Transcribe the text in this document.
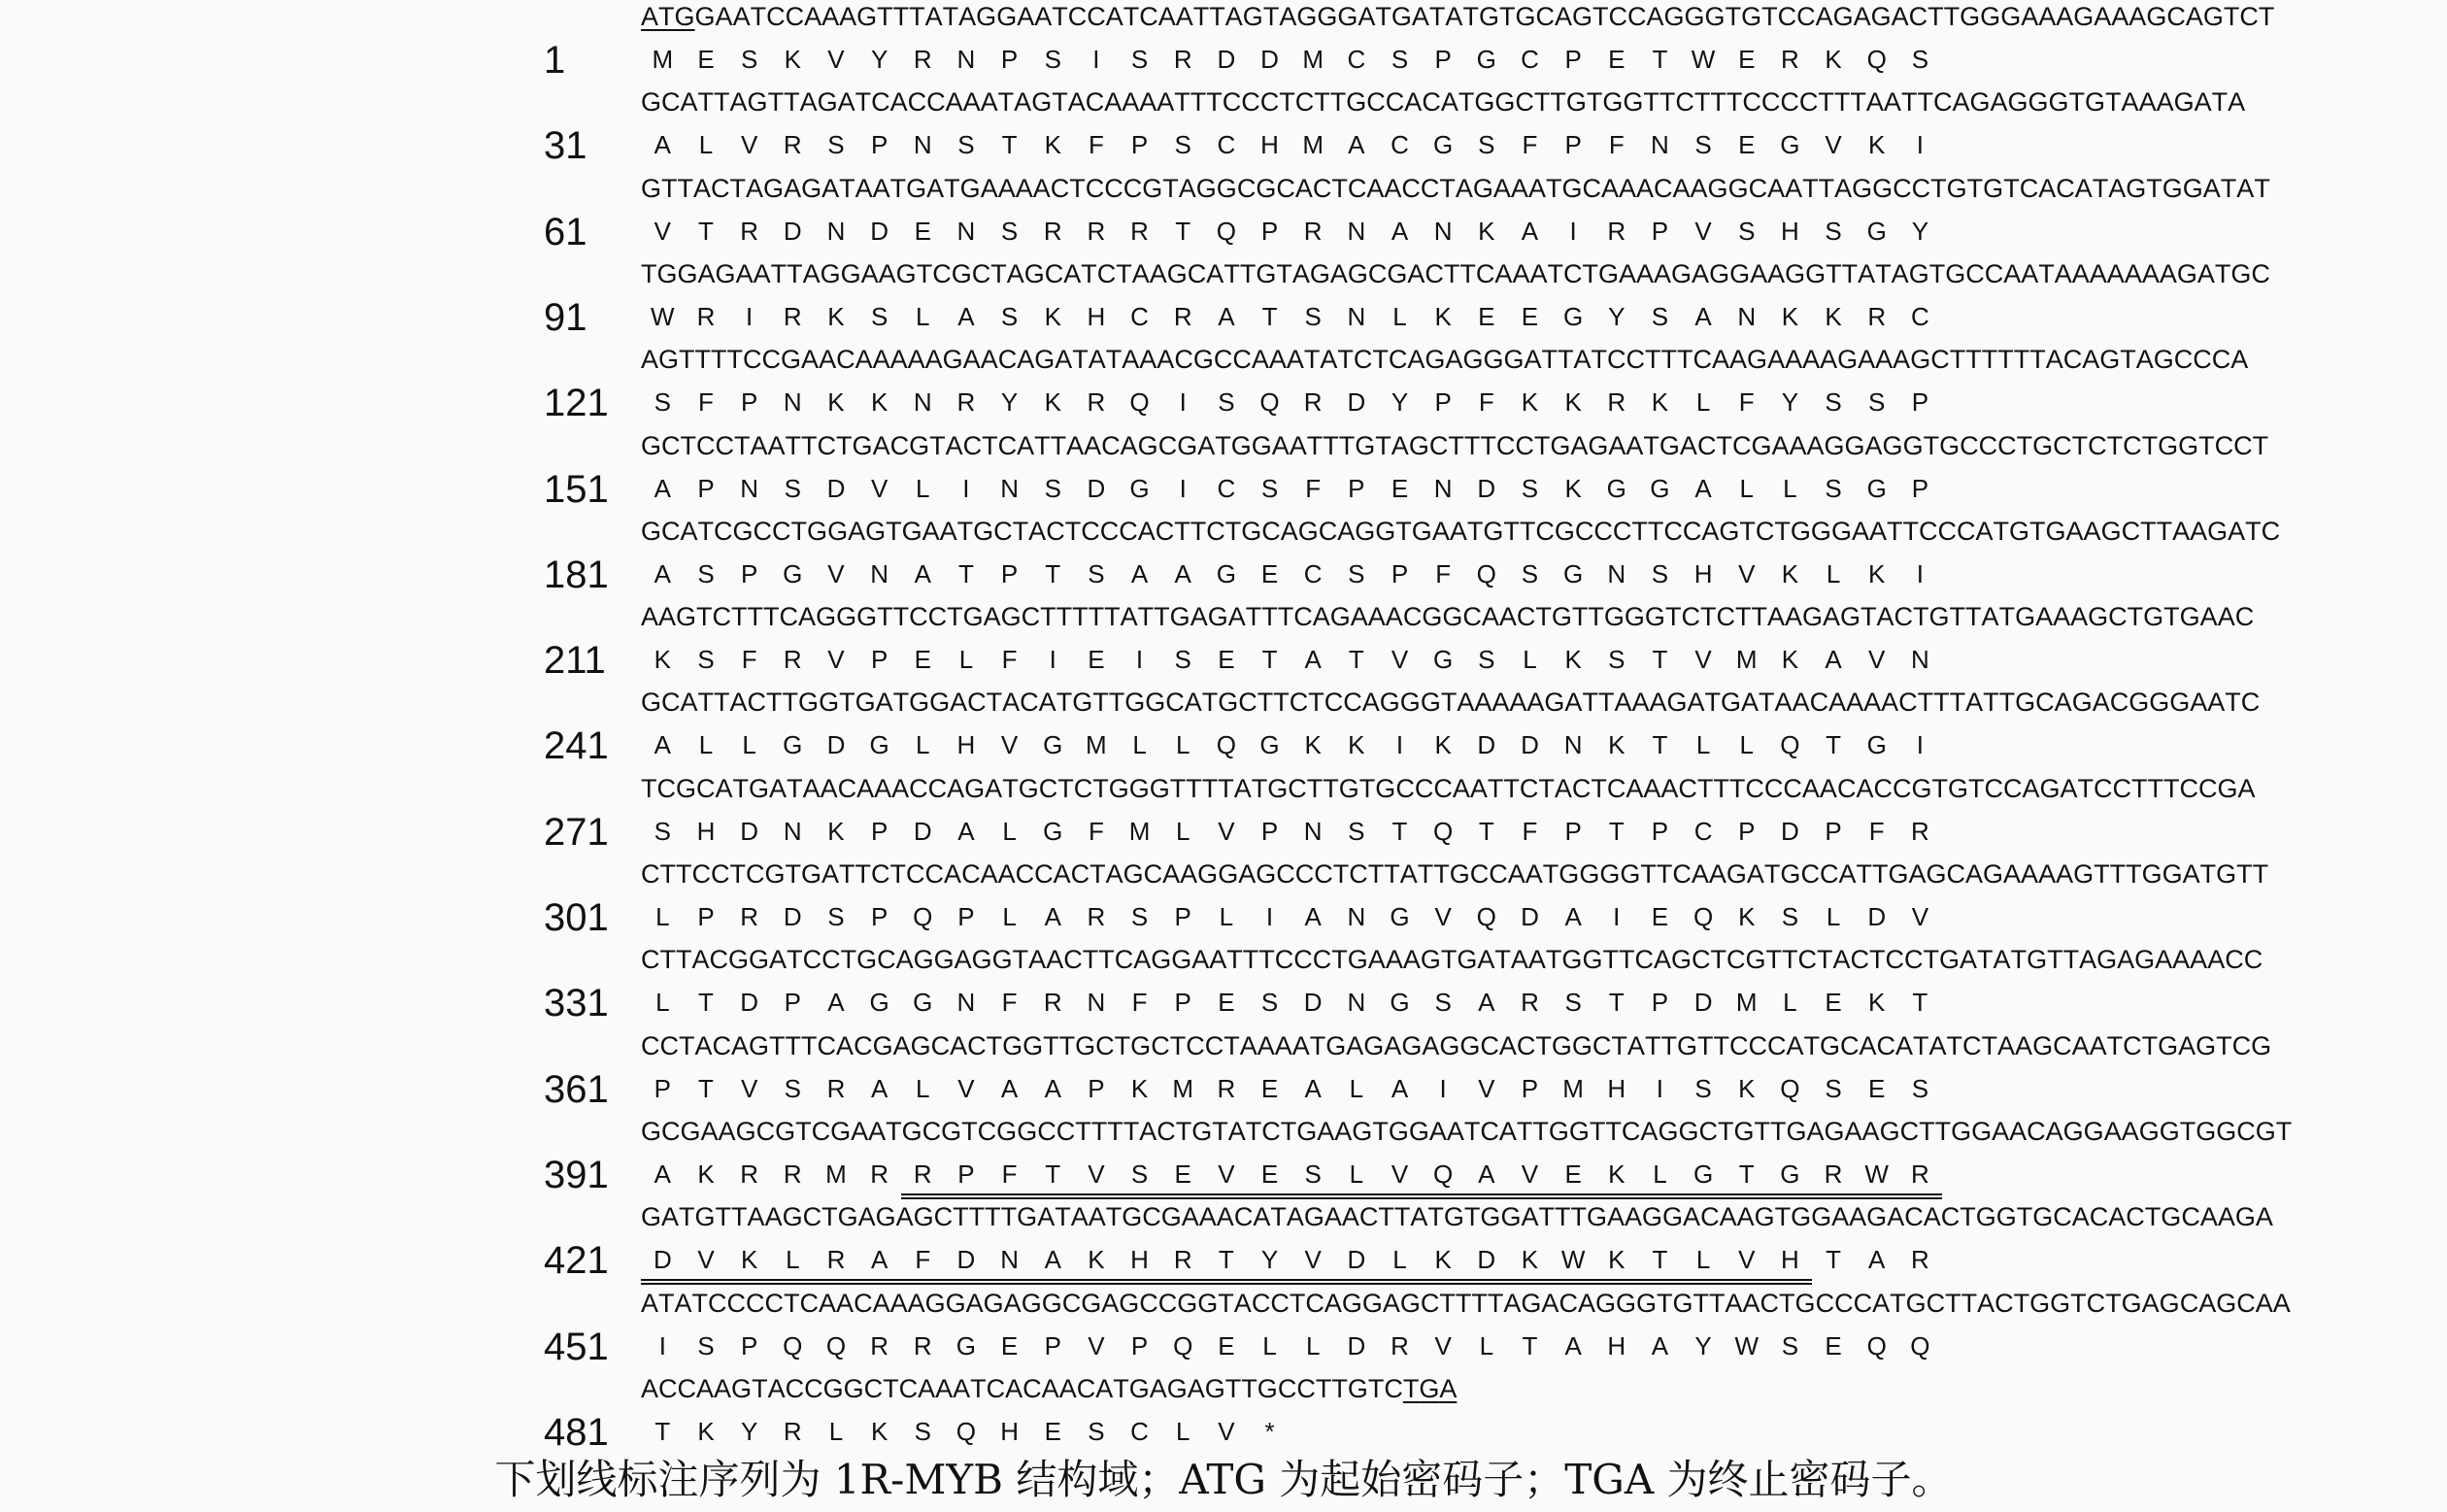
A T G G A A T C C A A A G T T T A T A G G A A T C C A T C A A T T A G T A G G G A T G A T A T G T G C A G T C C A G G G T G T C C A G A G A C T T G G G A A A G A A A G C A G T C T
1	M E	S	K	V	Y	R N	P	S	I	S	R D D M C	S	P G C	P	E	T W E	R	K Q S
G C A T T A G T T A G A T C A C C A A A T A G T A C A A A A T T T C C C T C T T G C C A C A T G G C T T G T G G T T C T T T C C C C T T T A A T T C A G A G G G T G T A A A G A T A
31	A	L	V	R	S	P	N	S	T	K	F	P	S	C H M A	C G S	F	P	F	N	S	E G V	K	I
G T T A C T A G A G A T A A T G A T G A A A A C T C C C G T A G G C G C A C T C A A C C T A G A A A T G C A A A C A A G G C A A T T A G G C C T G T G T C A C A T A G T G G A T A T
61	V	T	R D N D	E	N	S	R R R	T	Q P	R N	A	N	K	A	I	R	P	V	S	H	S G Y
T G G A G A A T T A G G A A G T C G C T A G C A T C T A A G C A T T G T A G A G C G A C T T C A A A T C T G A A A G A G G A A G G T T A T A G T G C C A A T A A A A A A A G A T G C
91	W R	I	R	K	S	L	A	S	K	H C R	A	T	S	N	L	K	E	E G Y	S	A	N	K	K	R C
A G T T T T C C G A A C A A A A A G A A C A G A T A T A A A C G C C A A A T A T C T C A G A G G G A T T A T C C T T T C A A G A A A A G A A A G C T T T T T T A C A G T A G C C C A
121	S	F	P	N	K	K	N R	Y	K	R Q	I	S Q R D	Y	P	F	K	K	R	K	L	F	Y	S	S	P
G C T C C T A A T T C T G A C G T A C T C A T T A A C A G C G A T G G A A T T T G T A G C T T T C C T G A G A A T G A C T C G A A A G G A G G T G C C C T G C T C T C T G G T C C T
151	A	P	N	S	D	V	L	I	N	S	D G	I	C	S	F	P	E	N D	S	K G G A	L	L	S G P
G C A T C G C C T G G A G T G A A T G C T A C T C C C A C T T C T G C A G C A G G T G A A T G T T C G C C C T T C C A G T C T G G G A A T T C C C A T G T G A A G C T T A A G A T C
181	A	S	P G V	N	A	T	P	T	S	A	A G E	C	S	P	F	Q S G N	S	H	V	K	L	K	I
A A G T C T T T C A G G G T T C C T G A G C T T T T T A T T G A G A T T T C A G A A A C G G C A A C T G T T G G G T C T C T T A A G A G T A C T G T T A T G A A A G C T G T G A A C
211	K	S	F	R	V	P	E	L	F	I	E	I	S	E	T	A	T	V G S	L	K	S	T	V M K	A	V	N
G C A T T A C T T G G T G A T G G A C T A C A T G T T G G C A T G C T T C T C C A G G G T A A A A A G A T T A A A G A T G A T A A C A A A A C T T T A T T G C A G A C G G G A A T C
241	A	L	L	G D G	L	H	V G M	L	L	Q G K	K	I	K	D D N	K	T	L	L	Q	T	G	I
T C G C A T G A T A A C A A A C C A G A T G C T C T G G G T T T T A T G C T T G T G C C C A A T T C T A C T C A A A C T T T C C C A A C A C C G T G T C C A G A T C C T T T C C G A
271	S	H D N	K	P	D	A	L	G	F M	L	V	P	N	S	T	Q	T	F	P	T	P	C	P	D	P	F	R
C T T C C T C G T G A T T C T C C A C A A C C A C T A G C A A G G A G C C C T C T T A T T G C C A A T G G G G T T C A A G A T G C C A T T G A G C A G A A A A G T T T G G A T G T T
301	L	P	R D	S	P Q P	L	A	R	S	P	L	I	A	N G V Q D	A	I	E Q K	S	L	D	V
C T T A C G G A T C C T G C A G G A G G T A A C T T C A G G A A T T T C C C T G A A A G T G A T A A T G G T T C A G C T C G T T C T A C T C C T G A T A T G T T A G A G A A A A C C
331	L	T	D	P	A G G N	F	R N	F	P	E	S	D N G S	A	R	S	T	P	D M	L	E	K	T
C C T A C A G T T T C A C G A G C A C T G G T T G C T G C T C C T A A A A T G A G A G A G G C A C T G G C T A T T G T T C C C A T G C A C A T A T C T A A G C A A T C T G A G T C G
361	P	T	V	S	R	A	L	V	A	A	P	K M R	E	A	L	A	I	V	P M H	I	S	K Q S	E	S
G C G A A G C G T C G A A T G C G T C G G C C T T T T A C T G T A T C T G A A G T G G A A T C A T T G G T T C A G G C T G T T G A G A A G C T T G G A A C A G G A A G G T G G C G T
391	A	K	R R M R R	P	F	T	V	S	E	V	E	S	L	V Q A	V	E	K	L	G	T	G R W R
G A T G T T A A G C T G A G A G C T T T T G A T A A T G C G A A A C A T A G A A C T T A T G T G G A T T T G A A G G A C A A G T G G A A G A C A C T G G T G C A C A C T G C A A G A
421	D	V	K	L	R	A	F	D N	A	K	H R	T	Y	V	D	L	K	D	K W K	T	L	V	H	T	A	R
A T A T C C C C T C A A C A A A G G A G A G G C G A G C C G G T A C C T C A G G A G C T T T T A G A C A G G G T G T T A A C T G C C C A T G C T T A C T G G T C T G A G C A G C A A
451	I	S	P Q Q R R G E	P	V	P Q E	L	L	D R	V	L	T	A	H	A	Y W S	E Q Q
A C C A A G T A C C G G C T C A A A T C A C A A C A T G A G A G T T G C C T T G T C T G A
481	T	K	Y	R	L	K	S Q H	E	S	C	L	V	*
下划线标注序列为 1R-MYB 结构域；ATG 为起始密码子；TGA 为终止密码子。
